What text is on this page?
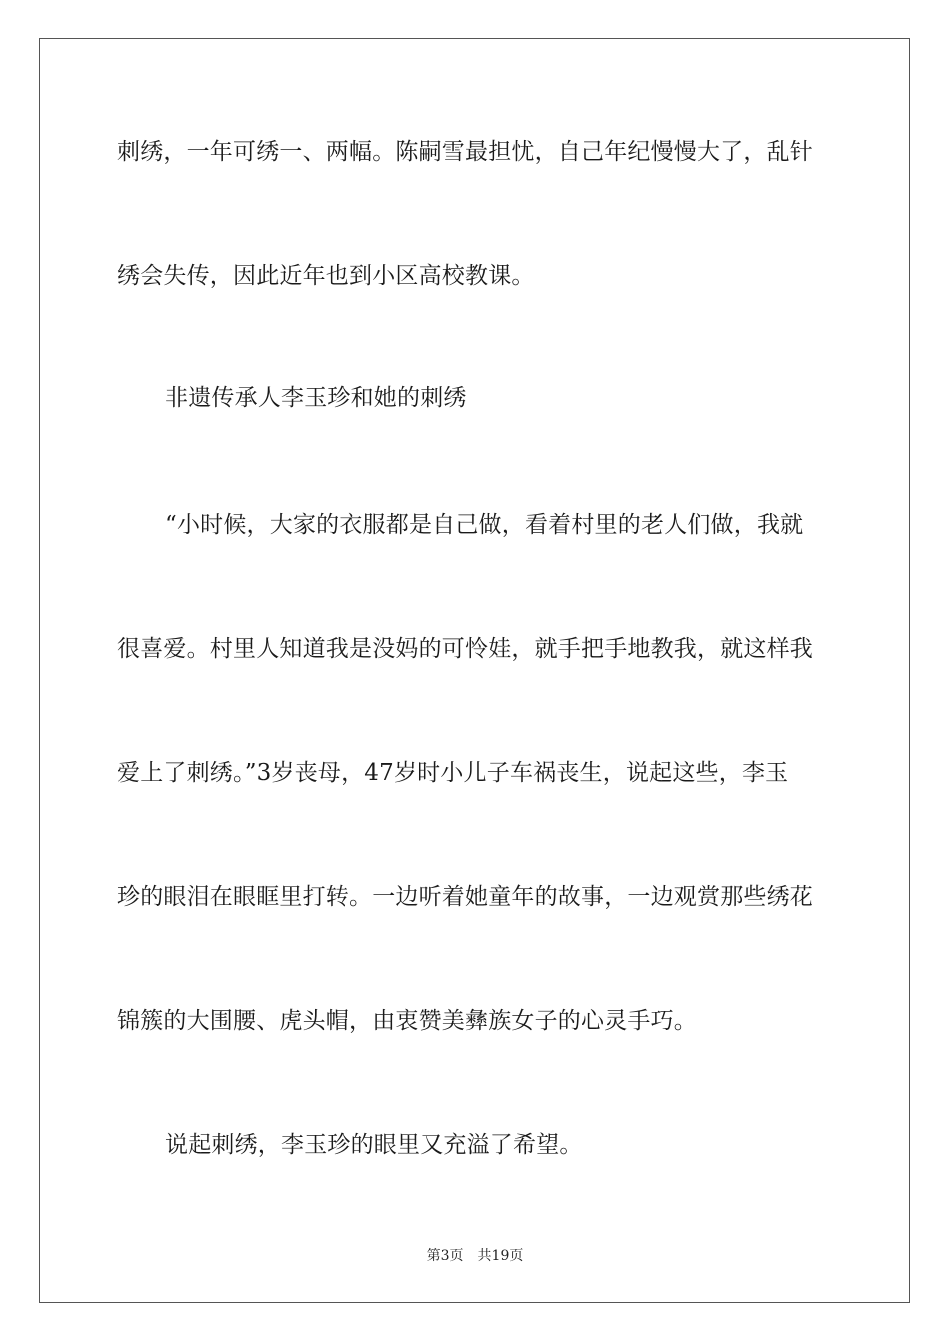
刺绣，一年可绣一、两幅。陈嗣雪最担忧，自己年纪慢慢大了，乱针
绣会失传，因此近年也到小区高校教课。
非遗传承人李玉珍和她的刺绣
“小时候，大家的衣服都是自己做，看着村里的老人们做，我就
很喜爱。村里人知道我是没妈的可怜娃，就手把手地教我，就这样我
爱上了刺绣。”3岁丧母，47岁时小儿子车祸丧生，说起这些，李玉
珍的眼泪在眼眶里打转。一边听着她童年的故事，一边观赏那些绣花
锦簇的大围腰、虎头帽，由衷赞美彝族女子的心灵手巧。
说起刺绣，李玉珍的眼里又充溢了希望。
第3页 共19页
